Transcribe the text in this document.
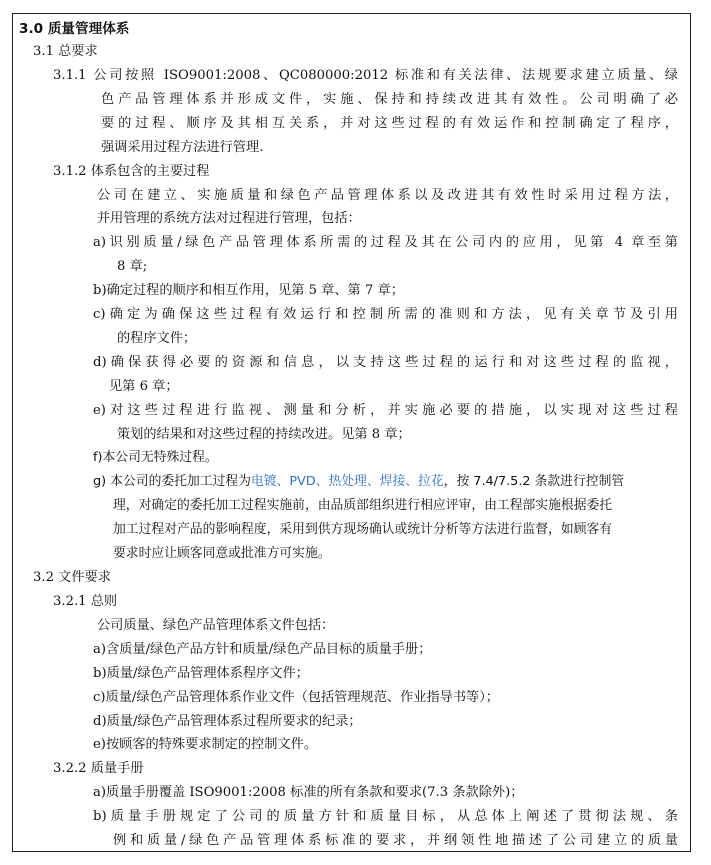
3.0 质量管理体系
3.1 总要求
3.1.1 公司按照 ISO9001:2008、QC080000:2012 标准和有关法律、法规要求建立质量、绿
色产品管理体系并形成文件，实施、保持和持续改进其有效性。公司明确了必
要的过程、顺序及其相互关系，并对这些过程的有效运作和控制确定了程序，
强调采用过程方法进行管理.
3.1.2 体系包含的主要过程
公司在建立、实施质量和绿色产品管理体系以及改进其有效性时采用过程方法，
并用管理的系统方法对过程进行管理，包括：
a)识别质量/绿色产品管理体系所需的过程及其在公司内的应用，见第 4 章至第
8 章;
b)确定过程的顺序和相互作用，见第 5 章、第 7 章；
c)确定为确保这些过程有效运行和控制所需的准则和方法，见有关章节及引用
的程序文件；
d)确保获得必要的资源和信息，以支持这些过程的运行和对这些过程的监视，
见第 6 章；
e)对这些过程进行监视、测量和分析，并实施必要的措施，以实现对这些过程
策划的结果和对这些过程的持续改进。见第 8 章；
f)本公司无特殊过程。
g) 本公司的委托加工过程为电镀、PVD、热处理、焊接、拉花，按 7.4/7.5.2 条款进行控制管
理，对确定的委托加工过程实施前，由品质部组织进行相应评审，由工程部实施根据委托
加工过程对产品的影响程度，采用到供方现场确认或统计分析等方法进行监督，如顾客有
要求时应让顾客同意或批准方可实施。
3.2 文件要求
3.2.1 总则
公司质量、绿色产品管理体系文件包括：
a)含质量/绿色产品方针和质量/绿色产品目标的质量手册；
b)质量/绿色产品管理体系程序文件；
c)质量/绿色产品管理体系作业文件（包括管理规范、作业指导书等）；
d)质量/绿色产品管理体系过程所要求的纪录；
e)按顾客的特殊要求制定的控制文件。
3.2.2 质量手册
a)质量手册覆盖 ISO9001:2008 标准的所有条款和要求(7.3 条款除外)；
b)质量手册规定了公司的质量方针和质量目标，从总体上阐述了贯彻法规、条
例和质量/绿色产品管理体系标准的要求，并纲领性地描述了公司建立的质量
